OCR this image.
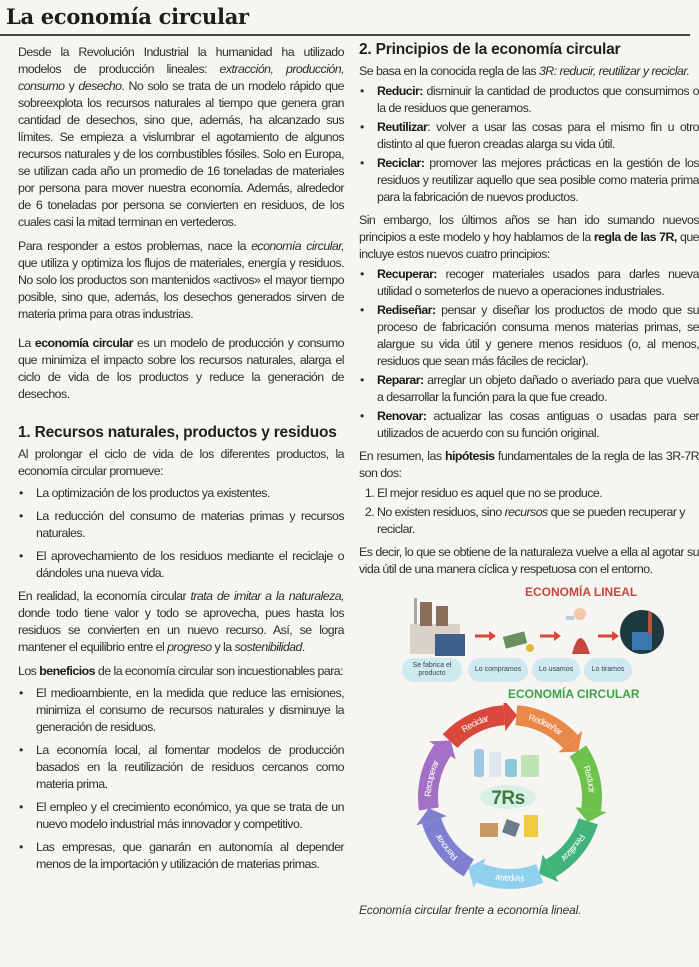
La economía circular

Desde la Revolución Industrial la humanidad ha utilizado modelos de producción lineales: extracción, producción, consumo y desecho. No solo se trata de un modelo rápido que sobreexplota los recursos naturales al tiempo que genera gran cantidad de desechos, sino que, además, ha alcanzado sus límites. Se empieza a vislumbrar el agotamiento de algunos recursos naturales y de los combustibles fósiles. Solo en Europa, se utilizan cada año un promedio de 16 toneladas de materiales por persona para mover nuestra economía. Además, alrededor de 6 toneladas por persona se convierten en residuos, de los cuales casi la mitad terminan en vertederos.

Para responder a estos problemas, nace la economía circular, que utiliza y optimiza los flujos de materiales, energía y residuos. No solo los productos son mantenidos «activos» el mayor tiempo posible, sino que, además, los desechos generados sirven de materia prima para otras industrias.

La economía circular es un modelo de producción y consumo que minimiza el impacto sobre los recursos naturales, alarga el ciclo de vida de los productos y reduce la generación de desechos.

1. Recursos naturales, productos y residuos

Al prolongar el ciclo de vida de los diferentes productos, la economía circular promueve:

• La optimización de los productos ya existentes.
• La reducción del consumo de materias primas y recursos naturales.
• El aprovechamiento de los residuos mediante el reciclaje o dándoles una nueva vida.

En realidad, la economía circular trata de imitar a la naturaleza, donde todo tiene valor y todo se aprovecha, pues hasta los residuos se convierten en un nuevo recurso. Así, se logra mantener el equilibrio entre el progreso y la sostenibilidad.

Los beneficios de la economía circular son incuestionables para:

• El medioambiente, en la medida que reduce las emisiones, minimiza el consumo de recursos naturales y disminuye la generación de residuos.
• La economía local, al fomentar modelos de producción basados en la reutilización de residuos cercanos como materia prima.
• El empleo y el crecimiento económico, ya que se trata de un nuevo modelo industrial más innovador y competitivo.
• Las empresas, que ganarán en autonomía al depender menos de la importación y utilización de materias primas.
2. Principios de la economía circular

Se basa en la conocida regla de las 3R: reducir, reutilizar y reciclar.

• Reducir: disminuir la cantidad de productos que consumimos o la de residuos que generamos.
• Reutilizar: volver a usar las cosas para el mismo fin u otro distinto al que fueron creadas alarga su vida útil.
• Reciclar: promover las mejores prácticas en la gestión de los residuos y reutilizar aquello que sea posible como materia prima para la fabricación de nuevos productos.

Sin embargo, los últimos años se han ido sumando nuevos principios a este modelo y hoy hablamos de la regla de las 7R, que incluye estos nuevos cuatro principios:

• Recuperar: recoger materiales usados para darles nueva utilidad o someterlos de nuevo a operaciones industriales.
• Rediseñar: pensar y diseñar los productos de modo que su proceso de fabricación consuma menos materias primas, se alargue su vida útil y genere menos residuos (o, al menos, residuos que sean más fáciles de reciclar).
• Reparar: arreglar un objeto dañado o averiado para que vuelva a desarrollar la función para la que fue creado.
• Renovar: actualizar las cosas antiguas o usadas para ser utilizados de acuerdo con su función original.

En resumen, las hipótesis fundamentales de la regla de las 3R-7R son dos:

1. El mejor residuo es aquel que no se produce.
2. No existen residuos, sino recursos que se pueden recuperar y reciclar.

Es decir, lo que se obtiene de la naturaleza vuelve a ella al agotar su vida útil de una manera cíclica y respetuosa con el entorno.

ECONOMÍA LINEAL
Se fabrica el producto
Lo compramos	Lo usamos	Lo tiramos
ECONOMÍA CIRCULAR
7Rs
Reciclar	Rediseñar
Reducir
Reutilizar
Reparar
Renovar
Recuperar
Economía circular frente a economía lineal.
